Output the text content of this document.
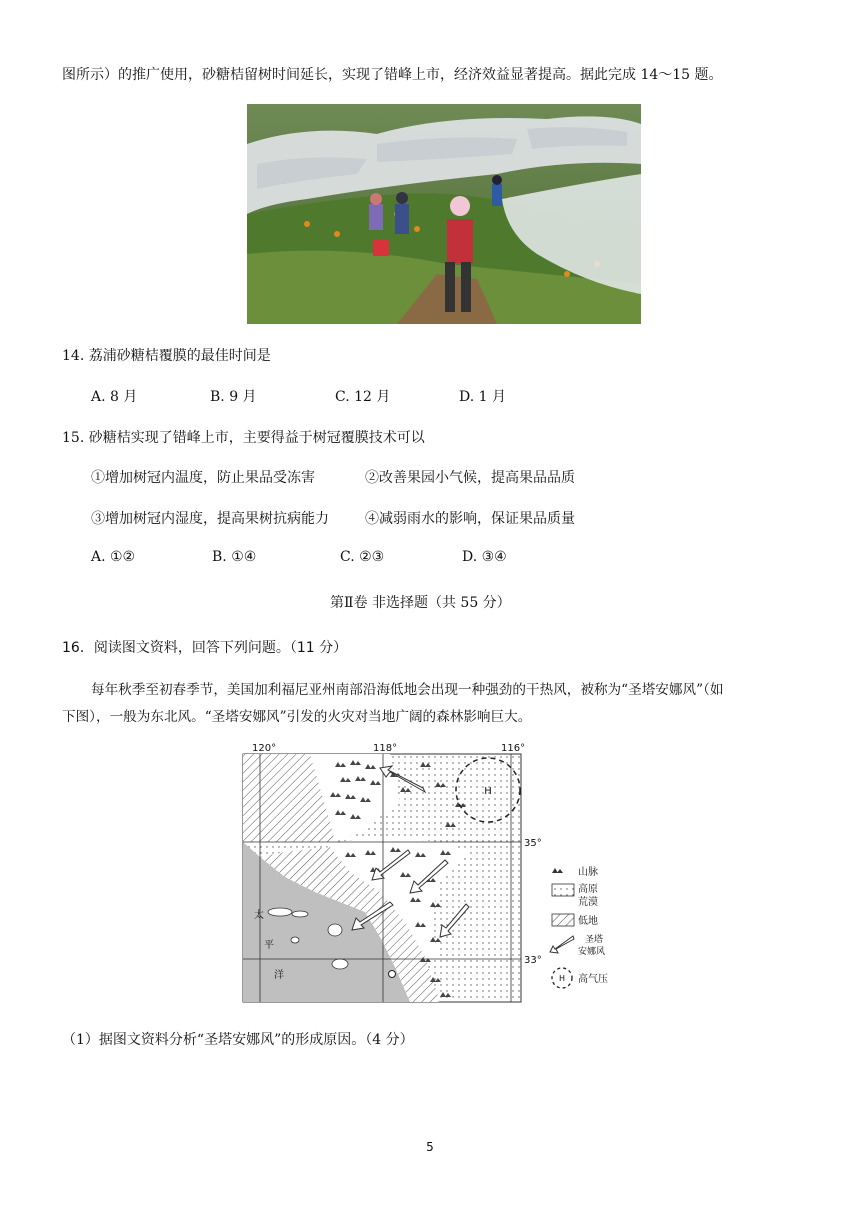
图所示）的推广使用，砂糖桔留树时间延长，实现了错峰上市，经济效益显著提高。据此完成 14～15 题。
14. 荔浦砂糖桔覆膜的最佳时间是
A. 8 月	B. 9 月	C. 12 月	D. 1 月
15. 砂糖桔实现了错峰上市，主要得益于树冠覆膜技术可以
①增加树冠内温度，防止果品受冻害	②改善果园小气候，提高果品品质
③增加树冠内湿度，提高果树抗病能力	④减弱雨水的影响，保证果品质量
A. ①②	B. ①④	C. ②③	D. ③④
第Ⅱ卷 非选择题（共 55 分）
16．阅读图文资料，回答下列问题。（11 分）
每年秋季至初春季节，美国加利福尼亚州南部沿海低地会出现一种强劲的干热风，被称为“圣塔安娜风”（如
下图），一般为东北风。“圣塔安娜风”引发的火灾对当地广阔的森林影响巨大。
H
太
平
洋
120°	118°	116°
35°
33°
山脉
高原
荒漠
低地
圣塔
安娜风
H 高气压
（1）据图文资料分析“圣塔安娜风”的形成原因。（4 分）
5
